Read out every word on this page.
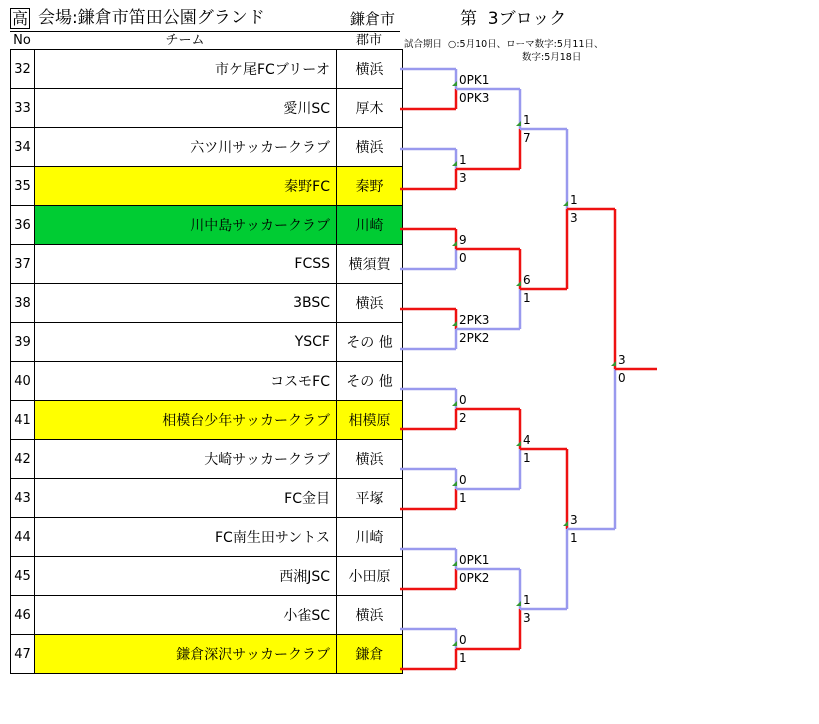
高 会場:鎌倉市笛田公園グランド	鎌倉市	第  3ブロック
No	チーム	郡市	試合期日  ○:5月10日、ローマ数字:5月11日、
数字:5月18日
32	市ケ尾FCブリーオ	横浜
33	愛川SC	厚木
34	六ツ川サッカークラブ	横浜
35	秦野FC	秦野
36	川中島サッカークラブ	川崎
37	FCSS	横須賀
38	3BSC	横浜
39	YSCF	その 他
40	コスモFC	その 他
41	相模台少年サッカークラブ	相模原
42	大崎サッカークラブ	横浜
43	FC金目	平塚
44	FC南生田サントス	川崎
45	西湘JSC	小田原
46	小雀SC	横浜
47	鎌倉深沢サッカークラブ	鎌倉
0PK1
0PK3
1
3
9
0
2PK3
2PK2
0
2
0
1
0PK1
0PK2
0
1
1
7
6
1
4
1
1
3
1
3
3
1
3
0
